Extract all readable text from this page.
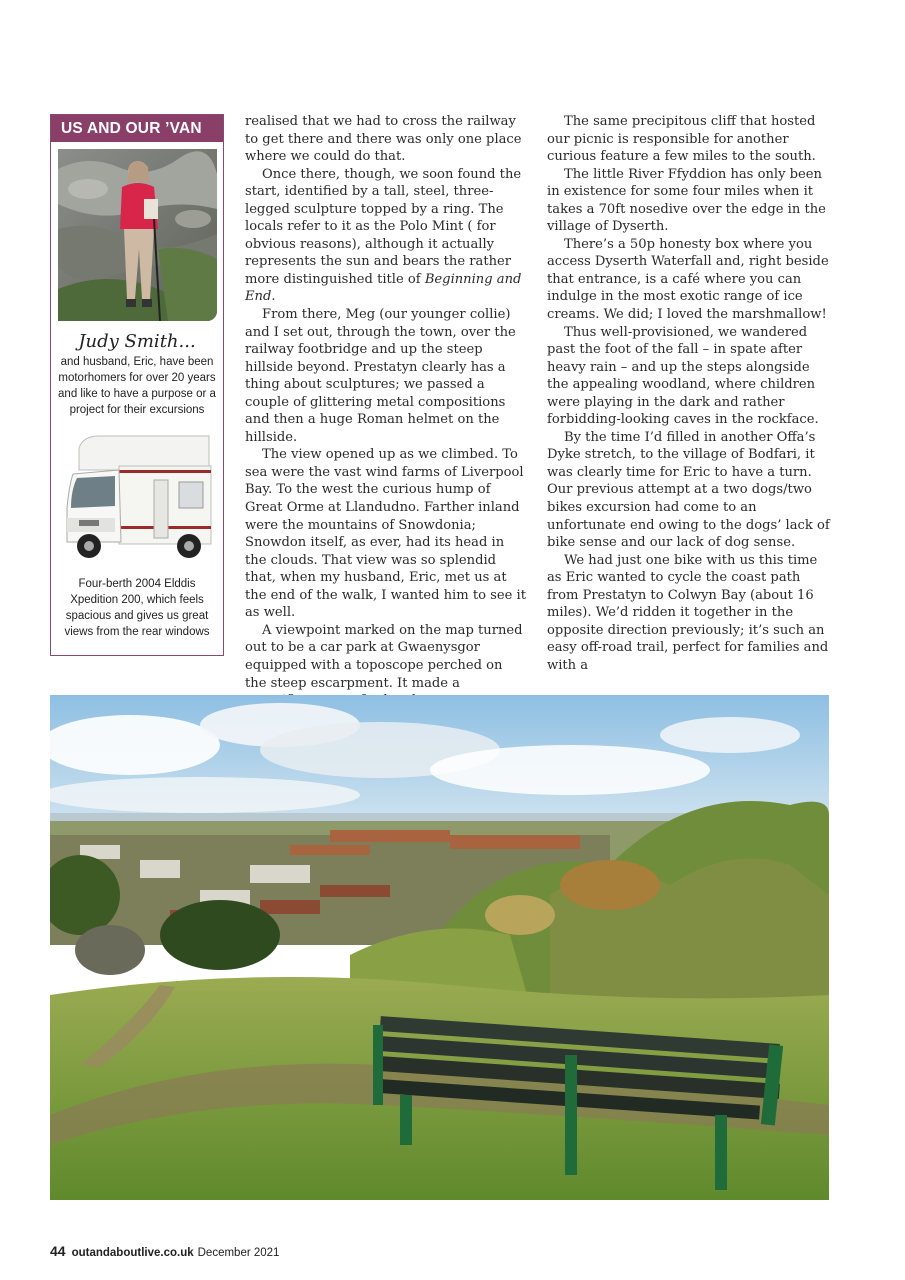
US AND OUR ’VAN
Judy Smith...
and husband, Eric, have been motorhomers for over 20 years and like to have a purpose or a project for their excursions
Four-berth 2004 Elddis Xpedition 200, which feels spacious and gives us great views from the rear windows

realised that we had to cross the railway to get there and there was only one place where we could do that.

Once there, though, we soon found the start, identified by a tall, steel, three-legged sculpture topped by a ring. The locals refer to it as the Polo Mint ( for obvious reasons), although it actually represents the sun and bears the rather more distinguished title of Beginning and End.

From there, Meg (our younger collie) and I set out, through the town, over the railway footbridge and up the steep hillside beyond. Prestatyn clearly has a thing about sculptures; we passed a couple of glittering metal compositions and then a huge Roman helmet on the hillside.

The view opened up as we climbed. To sea were the vast wind farms of Liverpool Bay. To the west the curious hump of Great Orme at Llandudno. Farther inland were the mountains of Snowdonia; Snowdon itself, as ever, had its head in the clouds. That view was so splendid that, when my husband, Eric, met us at the end of the walk, I wanted him to see it as well.

A viewpoint marked on the map turned out to be a car park at Gwaenysgor equipped with a toposcope perched on the steep escarpment. It made a

The same precipitous cliff that hosted our picnic is responsible for another curious feature a few miles to the south.

The little River Ffyddion has only been in existence for some four miles when it takes a 70ft nosedive over the edge in the village of Dyserth.

There’s a 50p honesty box where you access Dyserth Waterfall and, right beside that entrance, is a café where you can indulge in the most exotic range of ice creams. We did; I loved the marshmallow!

Thus well-provisioned, we wandered past the foot of the fall – in spate after heavy rain – and up the steps alongside the appealing woodland, where children were playing in the dark and rather forbidding-looking caves in the rockface.

By the time I’d filled in another Offa’s Dyke stretch, to the village of Bodfari, it was clearly time for Eric to have a turn. Our previous attempt at a two dogs/two bikes excursion had come to an unfortunate end owing to the dogs’ lack of bike sense and our lack of dog sense.

We had just one bike with us this time as Eric wanted to cycle the coast path from Prestatyn to Colwyn Bay (about 16 miles). We’d ridden it together in the opposite direction previously; it’s such an easy off-road trail, perfect for families and with a

44 outandaboutlive.co.uk December 2021
